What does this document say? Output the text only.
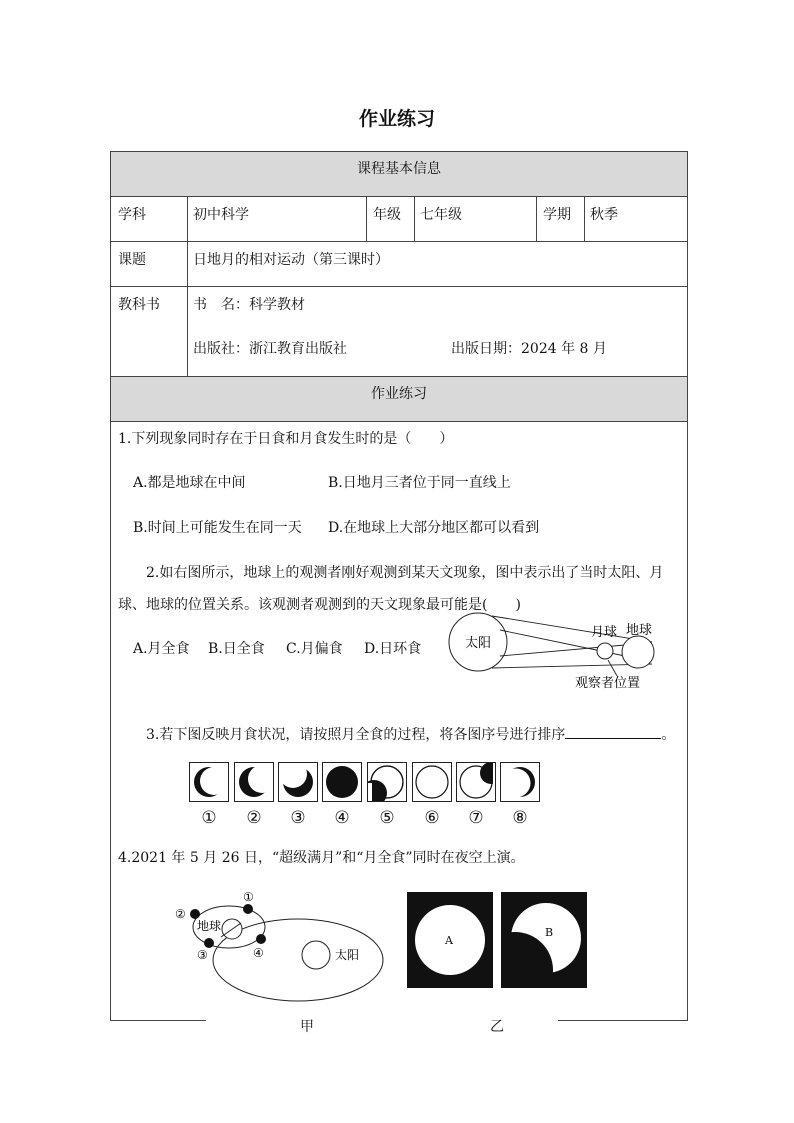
作业练习
课程基本信息
学科	初中科学	年级 七年级	学期 秋季
课题	日地月的相对运动（第三课时）
教科书 书　名：科学教材
出版社：浙江教育出版社	出版日期：2024 年 8 月
作业练习
1.下列现象同时存在于日食和月食发生时的是（　　）
A.都是地球在中间	B.日地月三者位于同一直线上
B.时间上可能发生在同一天 D.在地球上大部分地区都可以看到
2.如右图所示，地球上的观测者刚好观测到某天文现象，图中表示出了当时太阳、月
球、地球的位置关系。该观测者观测到的天文现象最可能是(　　)
A.月全食 B.日全食 C.月偏食 D.日环食	太阳
月球 地球
观察者位置
3.若下图反映月食状况，请按照月全食的过程，将各图序号进行排序	。
①	②	③	④	⑤	⑥	⑦	⑧
4.2021 年 5 月 26 日，“超级满月”和“月全食”同时在夜空上演。
地球
太阳
①
②
③	④
A
B
甲	乙
